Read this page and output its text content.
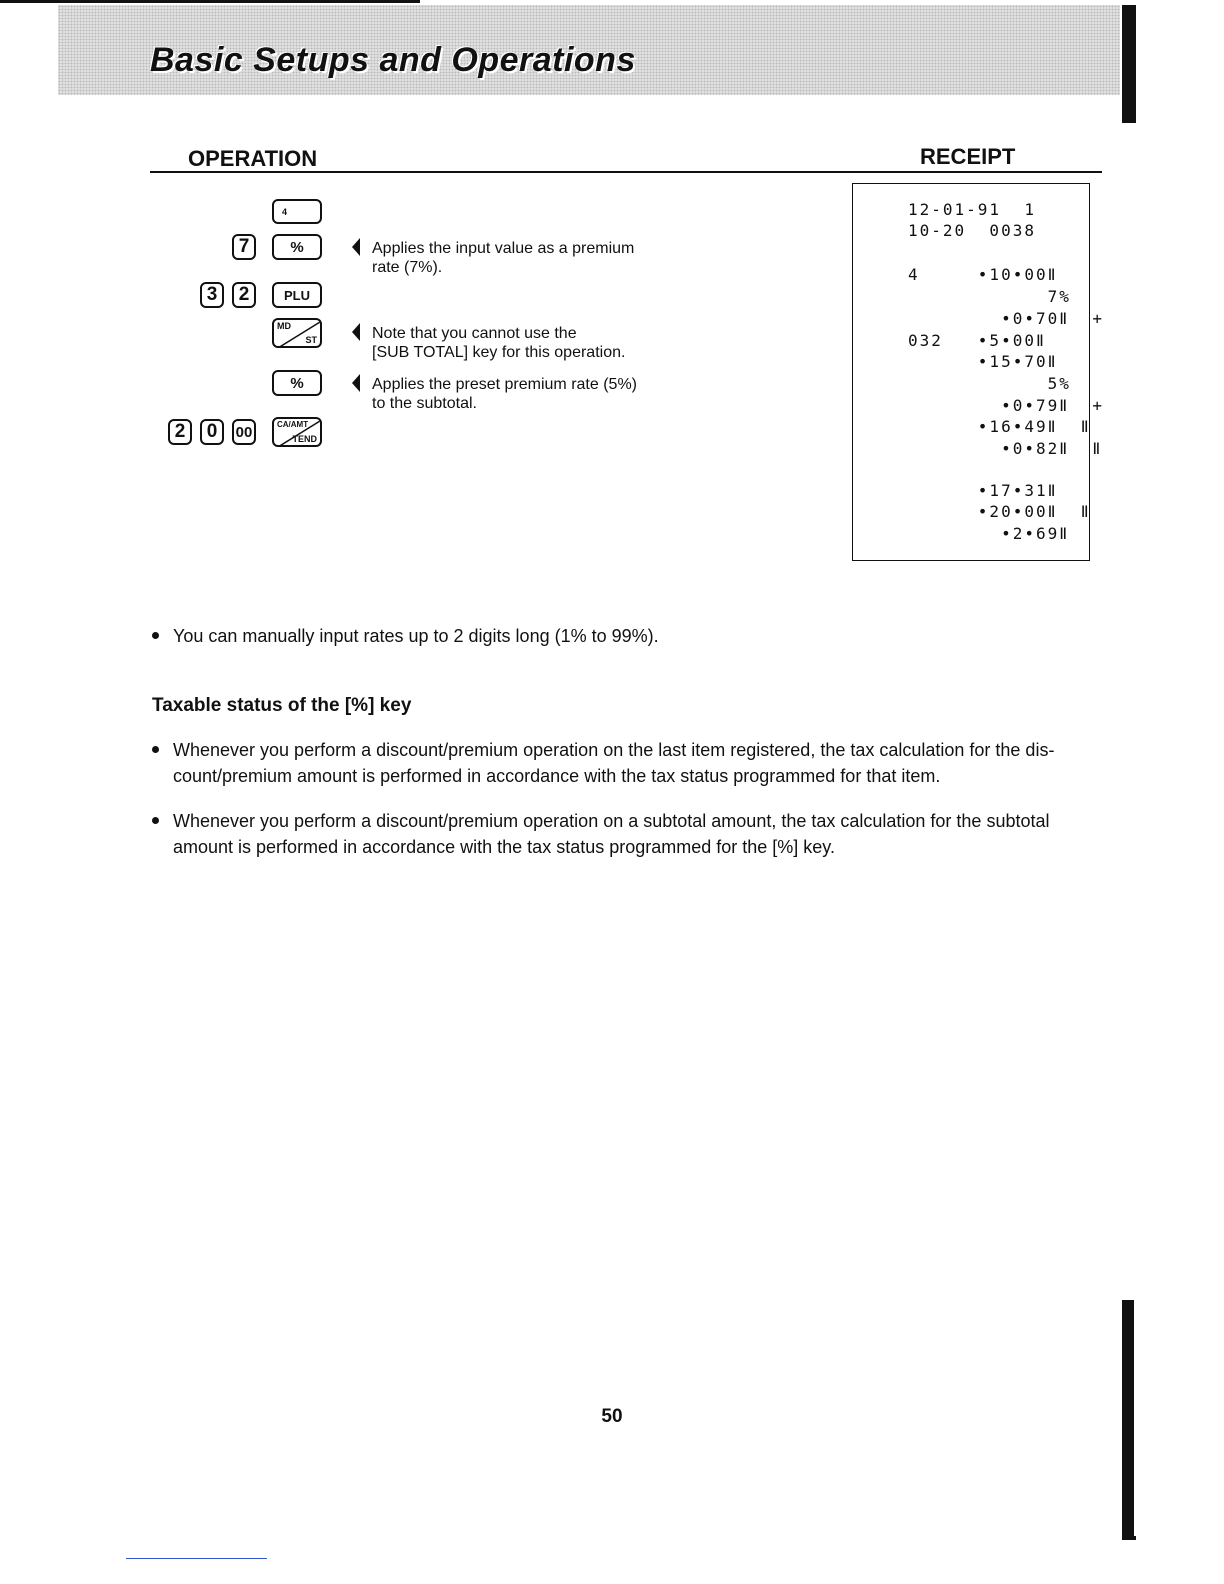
Basic Setups and Operations
OPERATION	RECEIPT
4
7	%
3	2	PLU
MD
ST
%
2	0	00	CA/AMT
TEND
Applies the input value as a premium
rate (7%).
Note that you cannot use the
[SUB TOTAL] key for this operation.
Applies the preset premium rate (5%)
to the subtotal.
12-01-91  1
10-20  0038
4     •10•00Ⅱ
7%
•0•70Ⅱ  +
032   •5•00Ⅱ
•15•70Ⅱ
5%
•0•79Ⅱ  +
•16•49Ⅱ  Ⅱ
•0•82Ⅱ  Ⅱ
•17•31Ⅱ
•20•00Ⅱ  Ⅱ
•2•69Ⅱ
You can manually input rates up to 2 digits long (1% to 99%).
Taxable status of the [%] key
Whenever you perform a discount/premium operation on the last item registered, the tax calculation for the dis-
count/premium amount is performed in accordance with the tax status programmed for that item.
Whenever you perform a discount/premium operation on a subtotal amount, the tax calculation for the subtotal
amount is performed in accordance with the tax status programmed for the [%] key.
50
